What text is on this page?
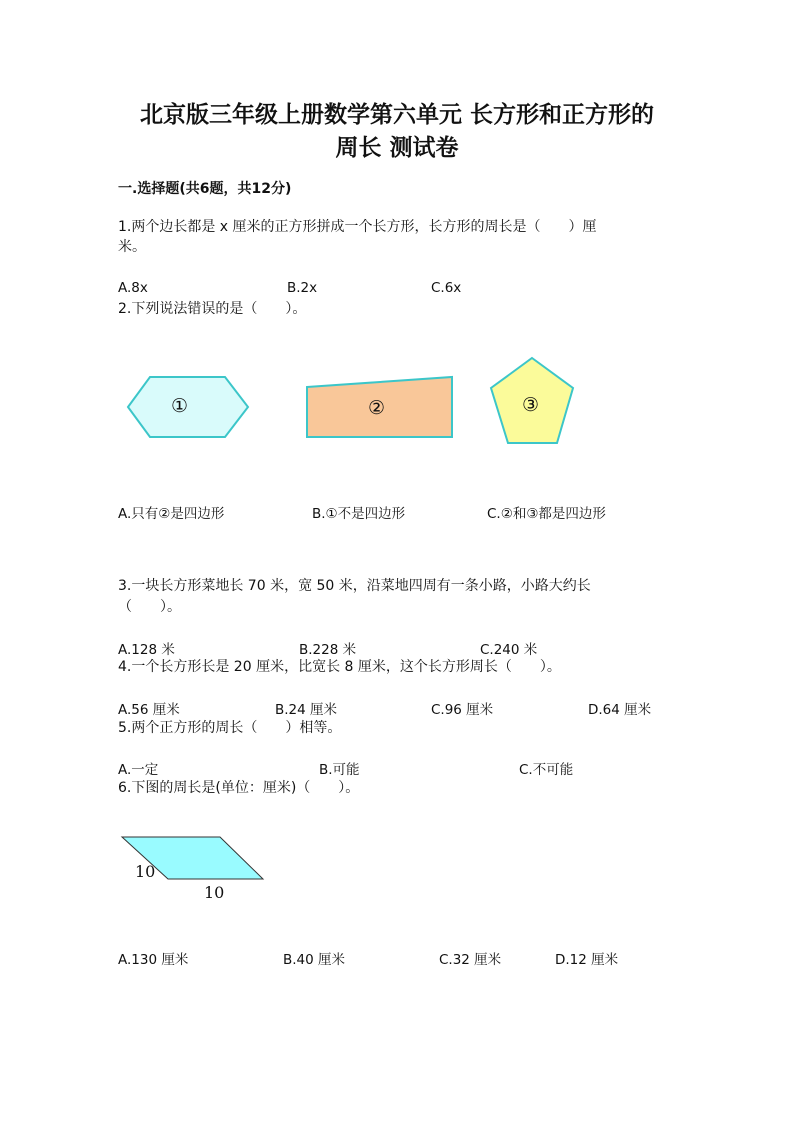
北京版三年级上册数学第六单元 长方形和正方形的
周长 测试卷
一.选择题(共6题，共12分)
1.两个边长都是 x 厘米的正方形拼成一个长方形，长方形的周长是（　　）厘
米。
A.8x	B.2x	C.6x
2.下列说法错误的是（　　）。
①	②	③
A.只有②是四边形	B.①不是四边形	C.②和③都是四边形
3.一块长方形菜地长 70 米，宽 50 米，沿菜地四周有一条小路，小路大约长
（　　）。
A.128 米	B.228 米	C.240 米
4.一个长方形长是 20 厘米，比宽长 8 厘米，这个长方形周长（　　）。
A.56 厘米	B.24 厘米	C.96 厘米	D.64 厘米
5.两个正方形的周长（　　）相等。
A.一定	B.可能	C.不可能
6.下图的周长是(单位：厘米)（　　）。
10
10
A.130 厘米	B.40 厘米	C.32 厘米	D.12 厘米
